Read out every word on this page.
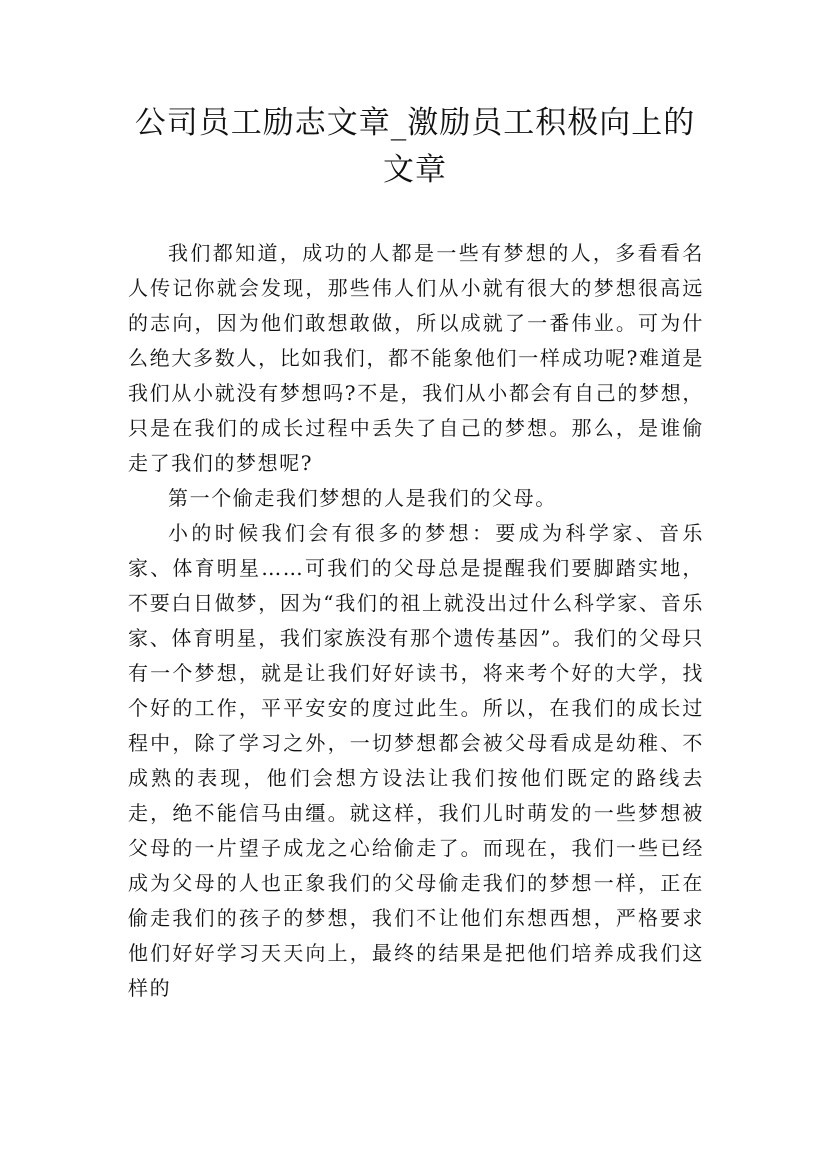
公司员工励志文章_激励员工积极向上的文章

我们都知道，成功的人都是一些有梦想的人，多看看名人传记你就会发现，那些伟人们从小就有很大的梦想很高远的志向，因为他们敢想敢做，所以成就了一番伟业。可为什么绝大多数人，比如我们，都不能象他们一样成功呢?难道是我们从小就没有梦想吗?不是，我们从小都会有自己的梦想，只是在我们的成长过程中丢失了自己的梦想。那么，是谁偷走了我们的梦想呢?

第一个偷走我们梦想的人是我们的父母。

小的时候我们会有很多的梦想：要成为科学家、音乐家、体育明星……可我们的父母总是提醒我们要脚踏实地，不要白日做梦，因为“我们的祖上就没出过什么科学家、音乐家、体育明星，我们家族没有那个遗传基因”。我们的父母只有一个梦想，就是让我们好好读书，将来考个好的大学，找个好的工作，平平安安的度过此生。所以，在我们的成长过程中，除了学习之外，一切梦想都会被父母看成是幼稚、不成熟的表现，他们会想方设法让我们按他们既定的路线去走，绝不能信马由缰。就这样，我们儿时萌发的一些梦想被父母的一片望子成龙之心给偷走了。而现在，我们一些已经成为父母的人也正象我们的父母偷走我们的梦想一样，正在偷走我们的孩子的梦想，我们不让他们东想西想，严格要求他们好好学习天天向上，最终的结果是把他们培养成我们这样的
